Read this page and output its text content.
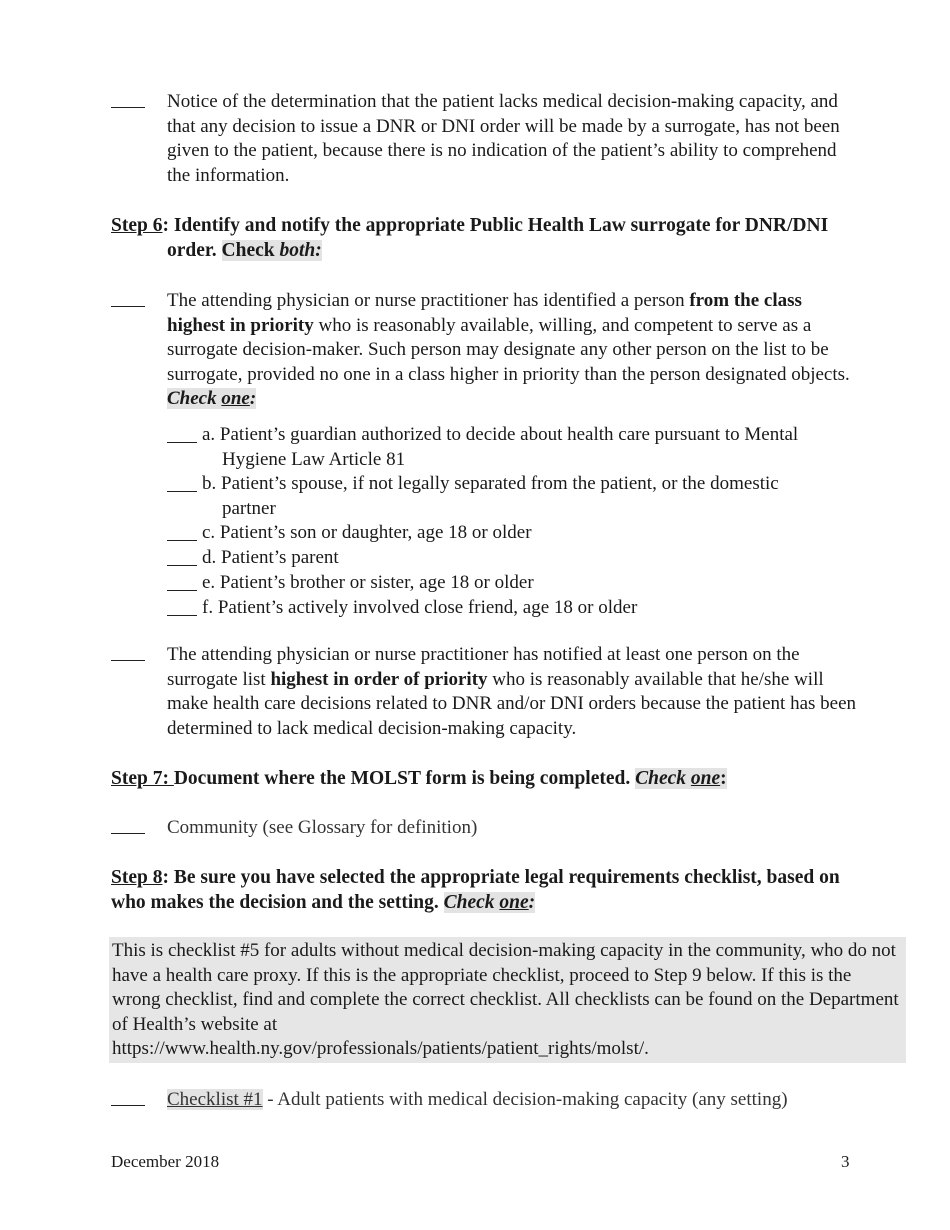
Notice of the determination that the patient lacks medical decision-making capacity, and that any decision to issue a DNR or DNI order will be made by a surrogate, has not been given to the patient, because there is no indication of the patient’s ability to comprehend the information.
Step 6: Identify and notify the appropriate Public Health Law surrogate for DNR/DNI
order. Check both:
The attending physician or nurse practitioner has identified a person from the class highest in priority who is reasonably available, willing, and competent to serve as a surrogate decision-maker. Such person may designate any other person on the list to be surrogate, provided no one in a class higher in priority than the person designated objects. Check one:
a. Patient’s guardian authorized to decide about health care pursuant to Mental
Hygiene Law Article 81
b. Patient’s spouse, if not legally separated from the patient, or the domestic
partner
c. Patient’s son or daughter, age 18 or older
d. Patient’s parent
e. Patient’s brother or sister, age 18 or older
f. Patient’s actively involved close friend, age 18 or older
The attending physician or nurse practitioner has notified at least one person on the surrogate list highest in order of priority who is reasonably available that he/she will make health care decisions related to DNR and/or DNI orders because the patient has been determined to lack medical decision-making capacity.
Step 7: Document where the MOLST form is being completed. Check one:
Community (see Glossary for definition)
Step 8: Be sure you have selected the appropriate legal requirements checklist, based on who makes the decision and the setting. Check one:
This is checklist #5 for adults without medical decision-making capacity in the community, who do not have a health care proxy. If this is the appropriate checklist, proceed to Step 9 below. If this is the wrong checklist, find and complete the correct checklist. All checklists can be found on the Department of Health’s website at
https://www.health.ny.gov/professionals/patients/patient_rights/molst/.
Checklist #1 - Adult patients with medical decision-making capacity (any setting)
December 2018	3
